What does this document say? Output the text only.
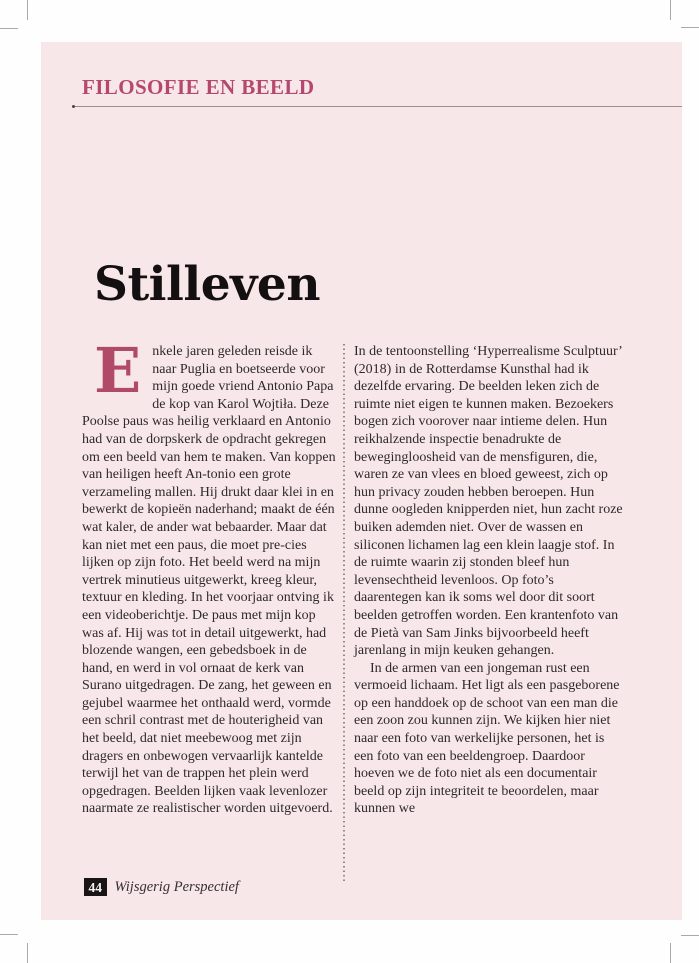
FILOSOFIE EN BEELD
Stilleven

Enkele jaren geleden reisde ik naar Puglia en boetseerde voor mijn goede vriend Antonio Papa de kop van Karol Wojtiła. Deze Poolse paus was heilig verklaard en Antonio had van de dorpskerk de opdracht gekregen om een beeld van hem te maken. Van koppen van heiligen heeft An-tonio een grote verzameling mallen. Hij drukt daar klei in en bewerkt de kopieën naderhand; maakt de één wat kaler, de ander wat bebaarder. Maar dat kan niet met een paus, die moet pre-cies lijken op zijn foto. Het beeld werd na mijn vertrek minutieus uitgewerkt, kreeg kleur, textuur en kleding. In het voorjaar ontving ik een videoberichtje. De paus met mijn kop was af. Hij was tot in detail uitgewerkt, had blozende wangen, een gebedsboek in de hand, en werd in vol ornaat de kerk van Surano uitgedragen. De zang, het geween en gejubel waarmee het onthaald werd, vormde een schril contrast met de houterigheid van het beeld, dat niet meebewoog met zijn dragers en onbewogen vervaarlijk kantelde terwijl het van de trappen het plein werd opgedragen. Beelden lijken vaak levenlozer naarmate ze realistischer worden uitgevoerd.

In de tentoonstelling ‘Hyperrealisme Sculptuur’ (2018) in de Rotterdamse Kunsthal had ik dezelfde ervaring. De beelden leken zich de ruimte niet eigen te kunnen maken. Bezoekers bogen zich voorover naar intieme delen. Hun reikhalzende inspectie benadrukte de bewegingloosheid van de mensfiguren, die, waren ze van vlees en bloed geweest, zich op hun privacy zouden hebben beroepen. Hun dunne oogleden knipperden niet, hun zacht roze buiken ademden niet. Over de wassen en siliconen lichamen lag een klein laagje stof. In de ruimte waarin zij stonden bleef hun levensechtheid levenloos. Op foto’s daarentegen kan ik soms wel door dit soort beelden getroffen worden. Een krantenfoto van de Pietà van Sam Jinks bijvoorbeeld heeft jarenlang in mijn keuken gehangen.

In de armen van een jongeman rust een vermoeid lichaam. Het ligt als een pasgeborene op een handdoek op de schoot van een man die een zoon zou kunnen zijn. We kijken hier niet naar een foto van werkelijke personen, het is een foto van een beeldengroep. Daardoor hoeven we de foto niet als een documentair beeld op zijn integriteit te beoordelen, maar kunnen we

44 Wijsgerig Perspectief
